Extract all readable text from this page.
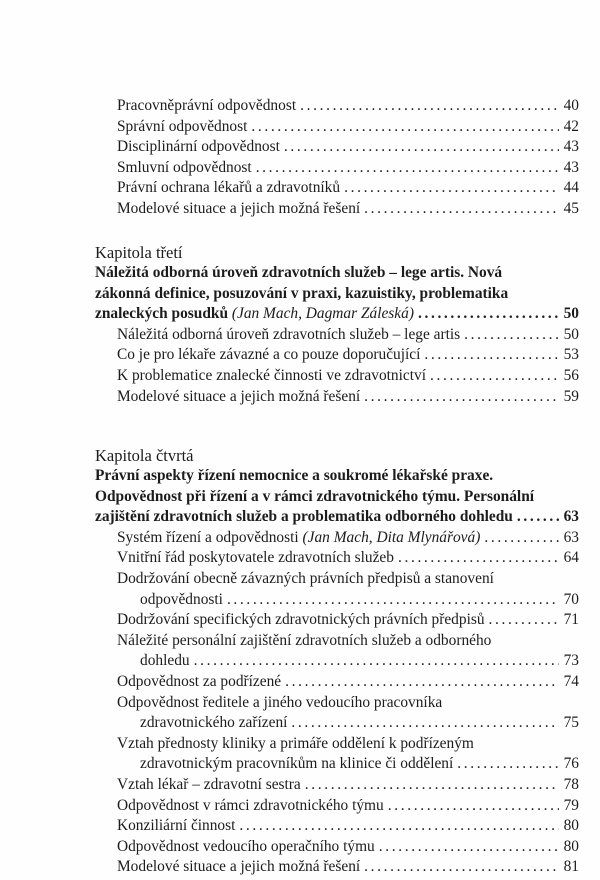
Pracovněprávní odpovědnost . . .	40
Správní odpovědnost . . .	42
Disciplinární odpovědnost . . .	43
Smluvní odpovědnost . . .	43
Právní ochrana lékařů a zdravotníků . . .	44
Modelové situace a jejich možná řešení . . .	45
Kapitola třetí
Náležitá odborná úroveň zdravotních služeb – lege artis. Nová
zákonná definice, posuzování v praxi, kazuistiky, problematika
znaleckých posudků
(Jan Mach, Dagmar Záleská) . . .	50
Náležitá odborná úroveň zdravotních služeb – lege artis . . .	50
Co je pro lékaře závazné a co pouze doporučující . . .	53
K problematice znalecké činnosti ve zdravotnictví . . .	56
Modelové situace a jejich možná řešení . . .	59
Kapitola čtvrtá
Právní aspekty řízení nemocnice a soukromé lékařské praxe.
Odpovědnost při řízení a v rámci zdravotnického týmu. Personální
zajištění zdravotních služeb a problematika odborného dohledu . . .	63
Systém řízení a odpovědnosti
(Jan Mach, Dita Mlynářová) . . .	63
Vnitřní řád poskytovatele zdravotních služeb . . .	64
Dodržování obecně závazných právních předpisů a stanovení
odpovědnosti . . .	70
Dodržování specifických zdravotnických právních předpisů . . .	71
Náležité personální zajištění zdravotních služeb a odborného
dohledu . . .	73
Odpovědnost za podřízené . . .	74
Odpovědnost ředitele a jiného vedoucího pracovníka
zdravotnického zařízení . . .	75
Vztah přednosty kliniky a primáře oddělení k podřízeným
zdravotnickým pracovníkům na klinice či oddělení . . .	76
Vztah lékař – zdravotní sestra . . .	78
Odpovědnost v rámci zdravotnického týmu . . .	79
Konziliární činnost . . .	80
Odpovědnost vedoucího operačního týmu . . .	80
Modelové situace a jejich možná řešení . . .	81
